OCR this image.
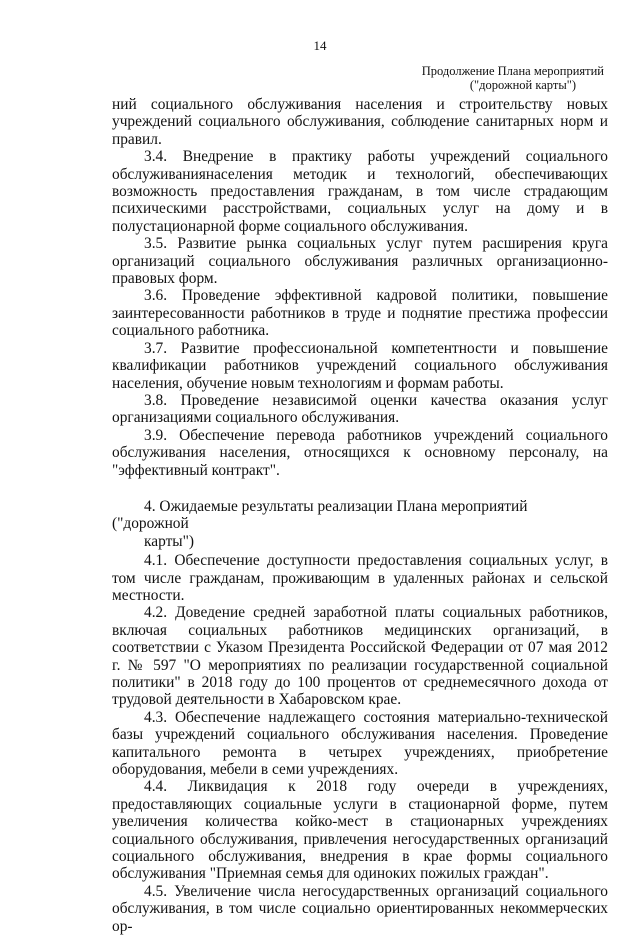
14
Продолжение Плана мероприятий
("дорожной карты")

ний социального обслуживания населения и строительству новых учреждений социального обслуживания, соблюдение санитарных норм и правил.

3.4. Внедрение в практику работы учреждений социального обслуживаниянаселения методик и технологий, обеспечивающих возможность предоставления гражданам, в том числе страдающим психическими расстройствами, социальных услуг на дому и в полустационарной форме социального обслуживания.

3.5. Развитие рынка социальных услуг путем расширения круга организаций социального обслуживания различных организационно-правовых форм.

3.6. Проведение эффективной кадровой политики, повышение заинтересованности работников в труде и поднятие престижа профессии социального работника.

3.7. Развитие профессиональной компетентности и повышение квалификации работников учреждений социального обслуживания населения, обучение новым технологиям и формам работы.

3.8. Проведение независимой оценки качества оказания услуг организациями социального обслуживания.

3.9. Обеспечение перевода работников учреждений социального обслуживания населения, относящихся к основному персоналу, на "эффективный контракт".

4. Ожидаемые результаты реализации Плана мероприятий ("дорожной
карты")

4.1. Обеспечение доступности предоставления социальных услуг, в том числе гражданам, проживающим в удаленных районах и сельской местности.

4.2. Доведение средней заработной платы социальных работников, включая социальных работников медицинских организаций, в соответствии с Указом Президента Российской Федерации от 07 мая 2012 г. № 597 "О мероприятиях по реализации государственной социальной политики" в 2018 году до 100 процентов от среднемесячного дохода от трудовой деятельности в Хабаровском крае.

4.3. Обеспечение надлежащего состояния материально-технической базы учреждений социального обслуживания населения. Проведение капитального ремонта в четырех учреждениях, приобретение оборудования, мебели в семи учреждениях.

4.4. Ликвидация к 2018 году очереди в учреждениях, предоставляющих социальные услуги в стационарной форме, путем увеличения количества койко-мест в стационарных учреждениях социального обслуживания, привлечения негосударственных организаций социального обслуживания, внедрения в крае формы социального обслуживания "Приемная семья для одиноких пожилых граждан".

4.5. Увеличение числа негосударственных организаций социального обслуживания, в том числе социально ориентированных некоммерческих ор-
